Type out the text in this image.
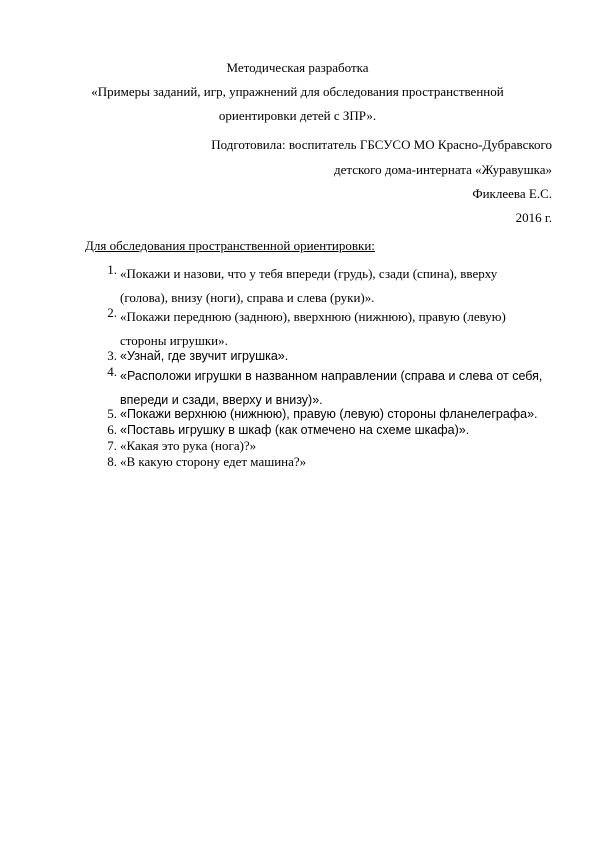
Методическая разработка
«Примеры заданий, игр, упражнений для обследования пространственной
ориентировки детей с ЗПР».
Подготовила: воспитатель ГБСУСО МО Красно-Дубравского
детского дома-интерната «Журавушка»
Фиклеева Е.С.
2016 г.
Для обследования пространственной ориентировки:
1. «Покажи и назови, что у тебя впереди (грудь), сзади (спина), вверху
(голова), внизу (ноги), справа и слева (руки)».
2. «Покажи переднюю (заднюю), вверхнюю (нижнюю), правую (левую)
стороны игрушки».
3. «Узнай, где звучит игрушка».
4. «Расположи игрушки в названном направлении (справа и слева от себя,
впереди и сзади, вверху и внизу)».
5. «Покажи верхнюю (нижнюю), правую (левую) стороны фланелеграфа».
6. «Поставь игрушку в шкаф (как отмечено на схеме шкафа)».
7. «Какая это рука (нога)?»
8. «В какую сторону едет машина?»
